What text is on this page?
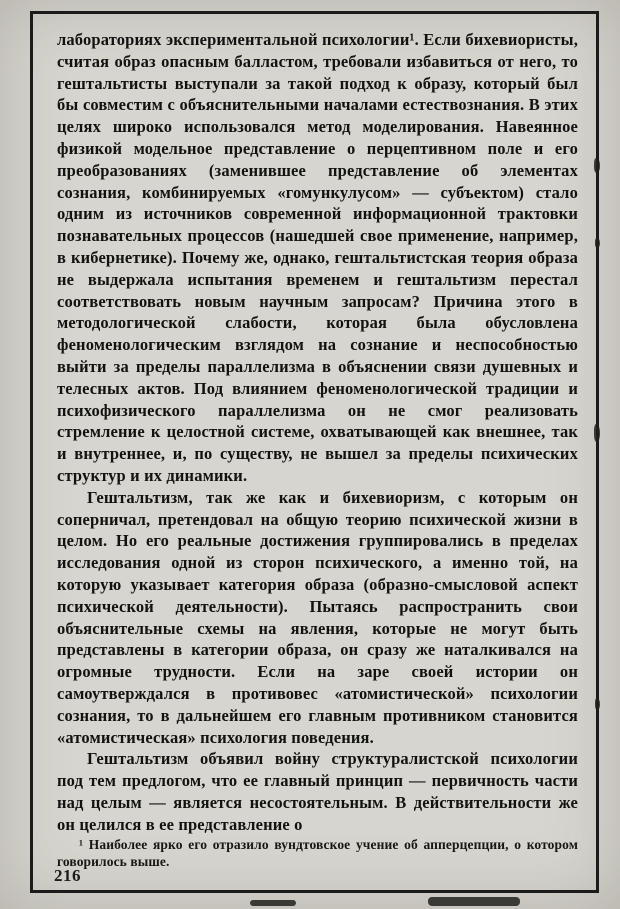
лабораториях экспериментальной психологии¹. Если бихевиористы, считая образ опасным балластом, требовали избавиться от него, то гештальтисты выступали за такой подход к образу, который был бы совместим с объяснительными началами естествознания. В этих целях широко использовался метод моделирования. Навеянное физикой модельное представление о перцептивном поле и его преобразованиях (заменившее представление об элементах сознания, комбинируемых «гомункулусом» — субъектом) стало одним из источников современной информационной трактовки познавательных процессов (нашедшей свое применение, например, в кибернетике). Почему же, однако, гештальтистская теория образа не выдержала испытания временем и гештальтизм перестал соответствовать новым научным запросам? Причина этого в методологической слабости, которая была обусловлена феноменологическим взглядом на сознание и неспособностью выйти за пределы параллелизма в объяснении связи душевных и телесных актов. Под влиянием феноменологической традиции и психофизического параллелизма он не смог реализовать стремление к целостной системе, охватывающей как внешнее, так и внутреннее, и, по существу, не вышел за пределы психических структур и их динамики.

Гештальтизм, так же как и бихевиоризм, с которым он соперничал, претендовал на общую теорию психической жизни в целом. Но его реальные достижения группировались в пределах исследования одной из сторон психического, а именно той, на которую указывает категория образа (образно-смысловой аспект психической деятельности). Пытаясь распространить свои объяснительные схемы на явления, которые не могут быть представлены в категории образа, он сразу же наталкивался на огромные трудности. Если на заре своей истории он самоутверждался в противовес «атомистической» психологии сознания, то в дальнейшем его главным противником становится «атомистическая» психология поведения.

Гештальтизм объявил войну структуралистской психологии под тем предлогом, что ее главный принцип — первичность части над целым — является несостоятельным. В действительности же он целился в ее представление о

¹ Наиболее ярко его отразило вундтовское учение об апперцепции, о котором говорилось выше.
216
